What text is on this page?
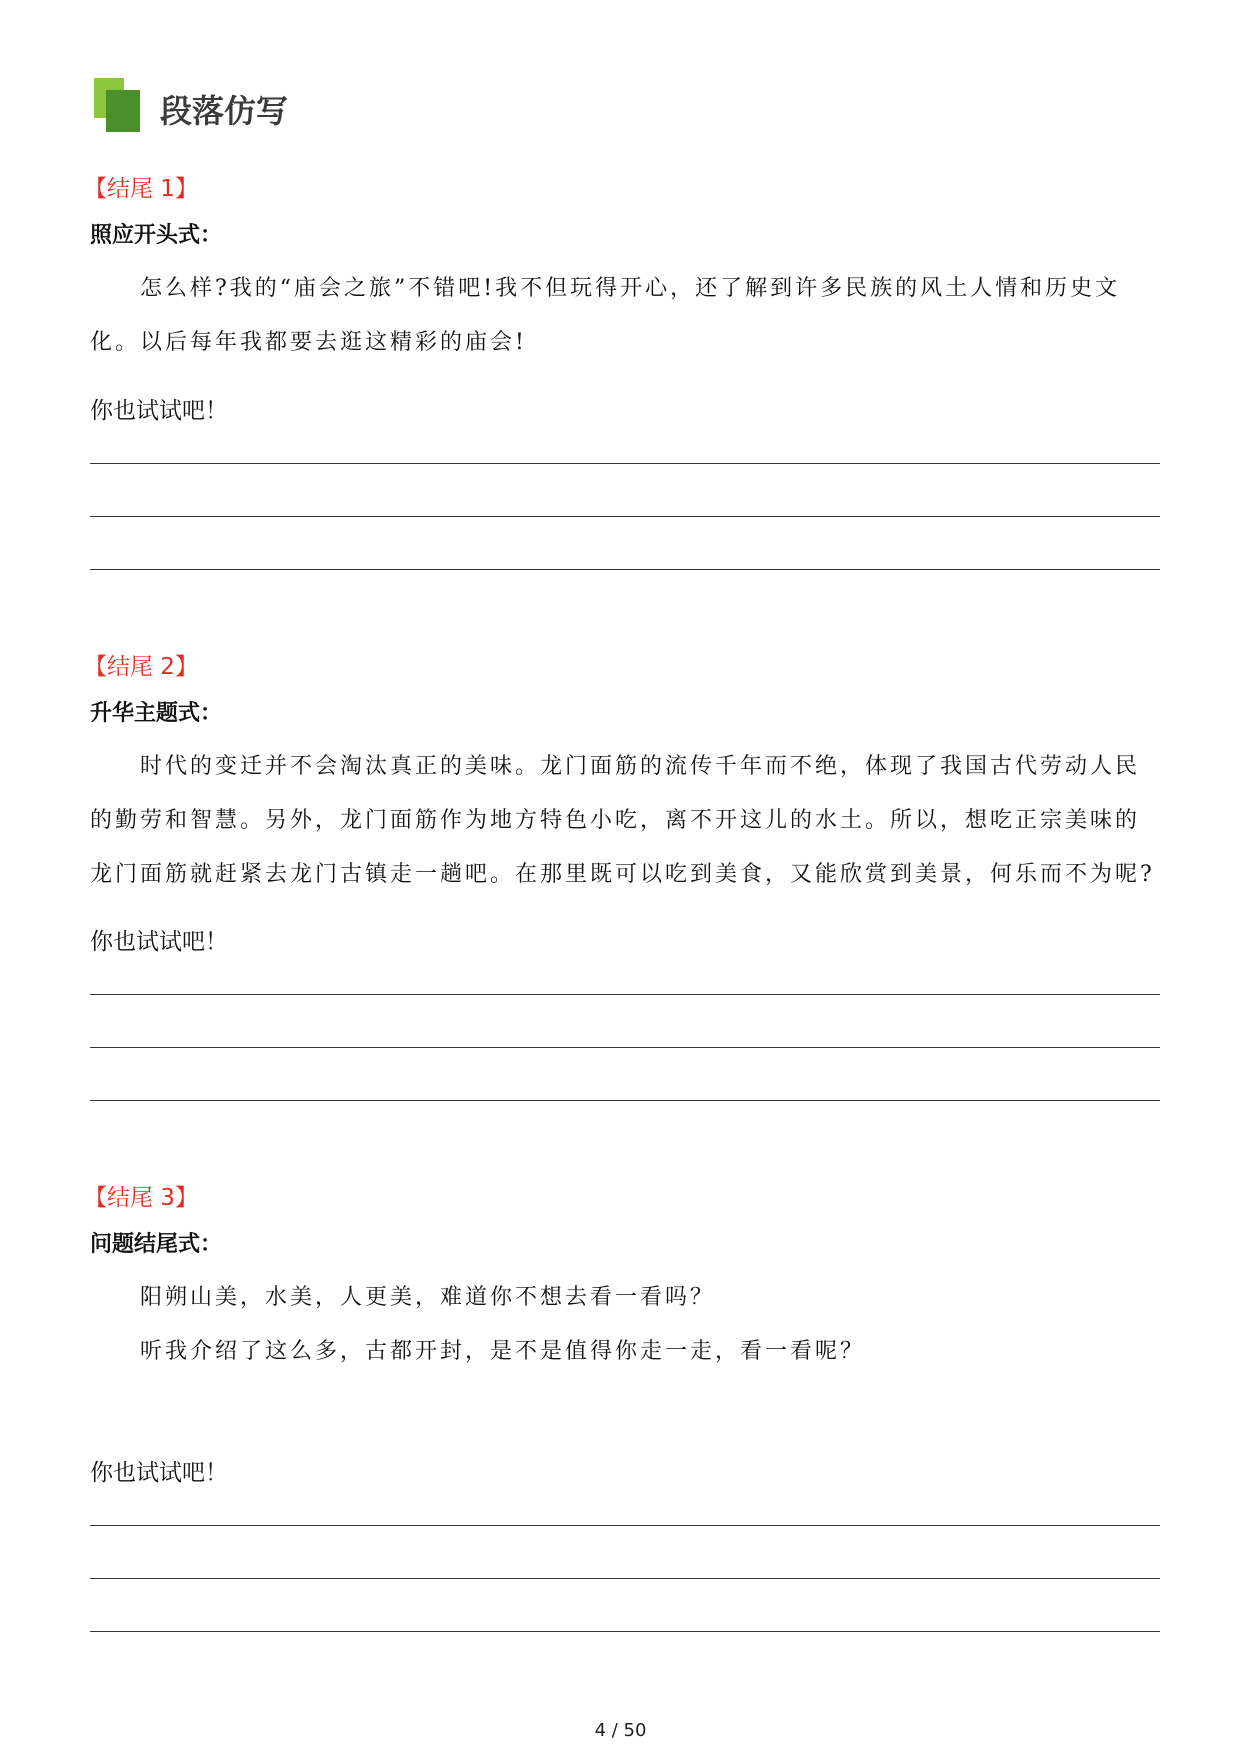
段落仿写
【结尾 1】
照应开头式：

怎么样?我的“庙会之旅”不错吧!我不但玩得开心，还了解到许多民族的风土人情和历史文化。以后每年我都要去逛这精彩的庙会!

你也试试吧！
【结尾 2】
升华主题式：

时代的变迁并不会淘汰真正的美味。龙门面筋的流传千年而不绝，体现了我国古代劳动人民的勤劳和智慧。另外，龙门面筋作为地方特色小吃，离不开这儿的水土。所以，想吃正宗美味的龙门面筋就赶紧去龙门古镇走一趟吧。在那里既可以吃到美食，又能欣赏到美景，何乐而不为呢?

你也试试吧！
【结尾 3】
问题结尾式：

阳朔山美，水美，人更美，难道你不想去看一看吗？

听我介绍了这么多，古都开封，是不是值得你走一走，看一看呢？

你也试试吧！
4 / 50
